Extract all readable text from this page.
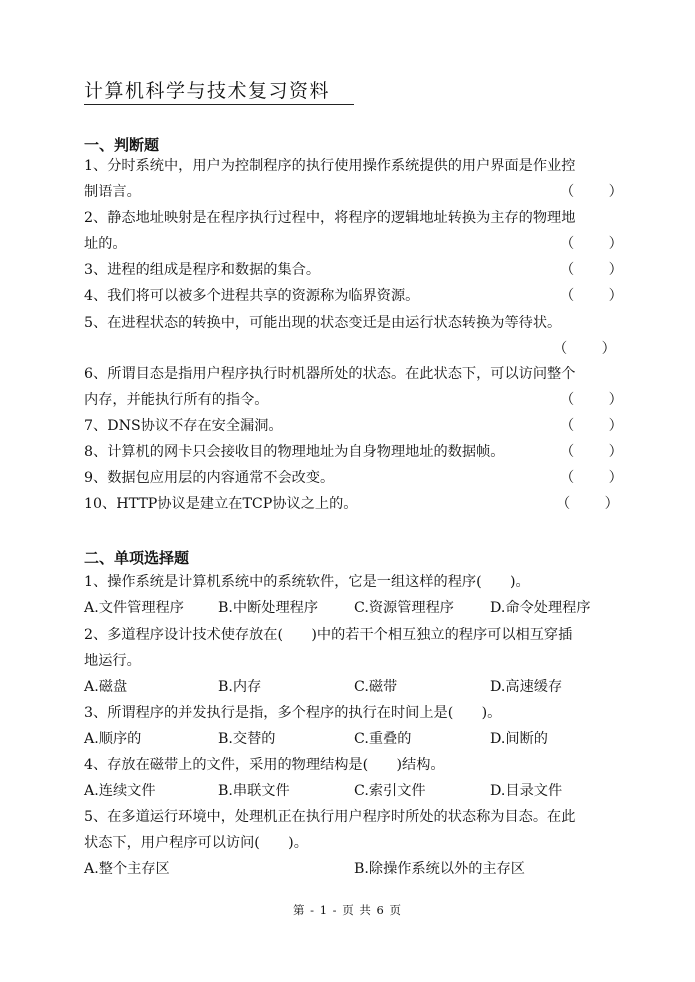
计算机科学与技术复习资料
一、判断题
1、分时系统中，用户为控制程序的执行使用操作系统提供的用户界面是作业控
制语言。	（　　）
2、静态地址映射是在程序执行过程中，将程序的逻辑地址转换为主存的物理地
址的。	（　　）
3、进程的组成是程序和数据的集合。	（　　）
4、我们将可以被多个进程共享的资源称为临界资源。	（　　）
5、在进程状态的转换中，可能出现的状态变迁是由运行状态转换为等待状。
（　　）
6、所谓目态是指用户程序执行时机器所处的状态。在此状态下，可以访问整个
内存，并能执行所有的指令。	（　　）
7、DNS协议不存在安全漏洞。	（　　）
8、计算机的网卡只会接收目的物理地址为自身物理地址的数据帧。	（　　）
9、数据包应用层的内容通常不会改变。	（　　）
10、HTTP协议是建立在TCP协议之上的。	（　　）
二、单项选择题
1、操作系统是计算机系统中的系统软件，它是一组这样的程序(　　)。
A.文件管理程序 B.中断处理程序	C.资源管理程序	D.命令处理程序
2、多道程序设计技术使存放在(　　)中的若干个相互独立的程序可以相互穿插
地运行。
A.磁盘	B.内存	C.磁带	D.高速缓存
3、所谓程序的并发执行是指，多个程序的执行在时间上是(　　)。
A.顺序的	B.交替的	C.重叠的	D.间断的
4、存放在磁带上的文件，采用的物理结构是(　　)结构。
A.连续文件	B.串联文件	C.索引文件	D.目录文件
5、在多道运行环境中，处理机正在执行用户程序时所处的状态称为目态。在此
状态下，用户程序可以访问(　　)。
A.整个主存区	B.除操作系统以外的主存区
第 - 1 - 页 共 6 页
